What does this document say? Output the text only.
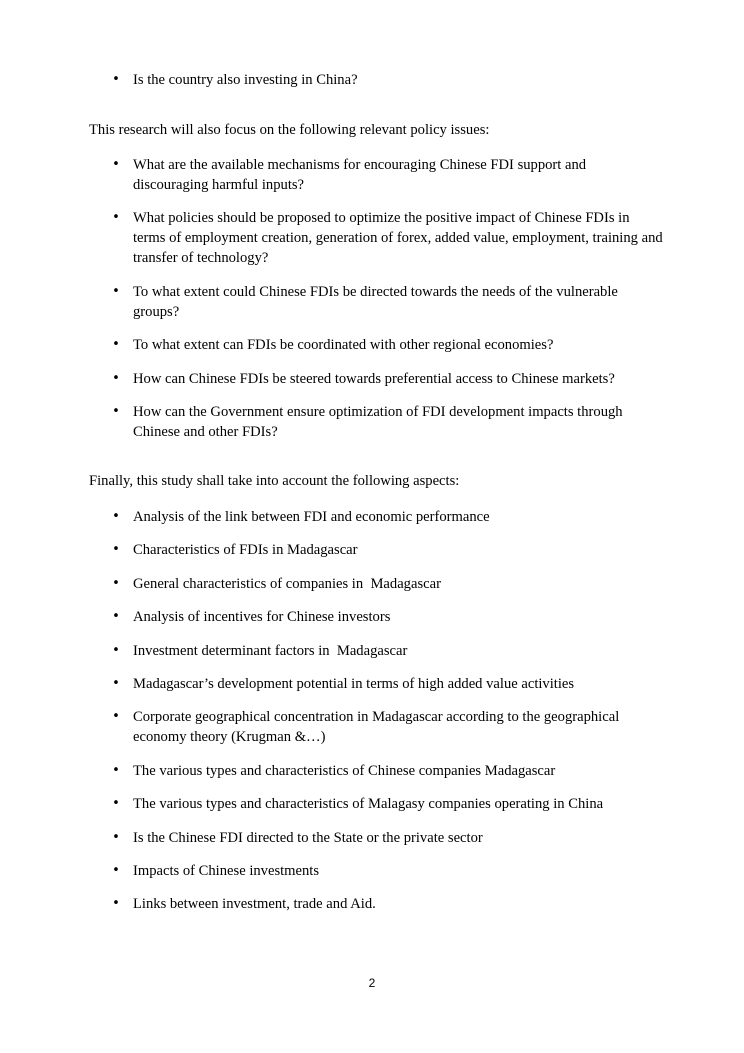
• Is the country also investing in China?

This research will also focus on the following relevant policy issues:

• What are the available mechanisms for encouraging Chinese FDI support and discouraging harmful inputs?
• What policies should be proposed to optimize the positive impact of Chinese FDIs in terms of employment creation, generation of forex, added value, employment, training and transfer of technology?
• To what extent could Chinese FDIs be directed towards the needs of the vulnerable groups?
• To what extent can FDIs be coordinated with other regional economies?
• How can Chinese FDIs be steered towards preferential access to Chinese markets?
• How can the Government ensure optimization of FDI development impacts through Chinese and other FDIs?

Finally, this study shall take into account the following aspects:

• Analysis of the link between FDI and economic performance
• Characteristics of FDIs in Madagascar
• General characteristics of companies in  Madagascar
• Analysis of incentives for Chinese investors
• Investment determinant factors in  Madagascar
• Madagascar’s development potential in terms of high added value activities
• Corporate geographical concentration in Madagascar according to the geographical economy theory (Krugman &…)
• The various types and characteristics of Chinese companies Madagascar
• The various types and characteristics of Malagasy companies operating in China
• Is the Chinese FDI directed to the State or the private sector
• Impacts of Chinese investments
• Links between investment, trade and Aid.
2
